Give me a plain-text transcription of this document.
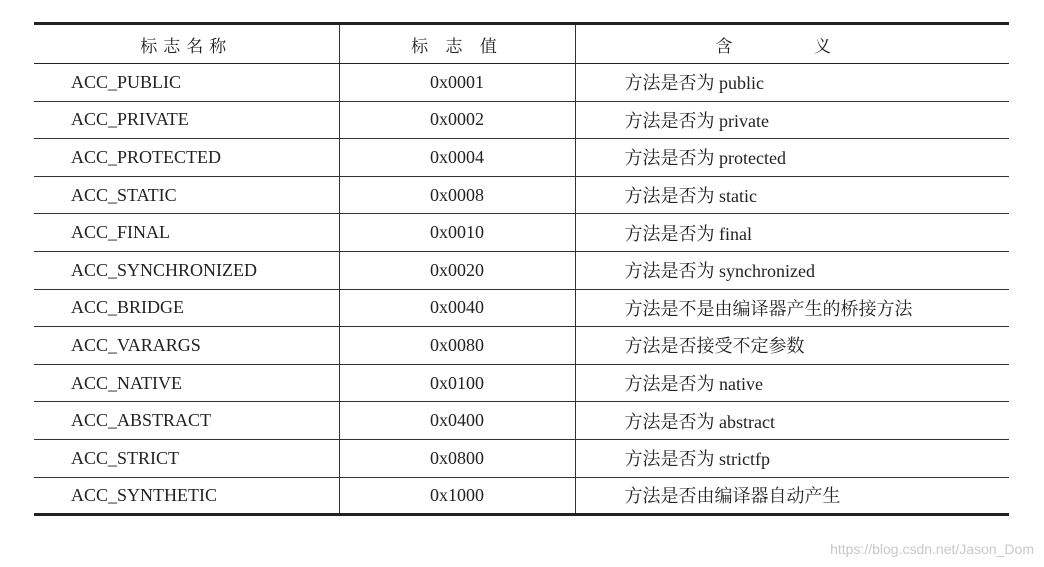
标志名称	标 志 值	含 义
ACC_PUBLIC	0x0001	方法是否为 public
ACC_PRIVATE	0x0002	方法是否为 private
ACC_PROTECTED	0x0004	方法是否为 protected
ACC_STATIC	0x0008	方法是否为 static
ACC_FINAL	0x0010	方法是否为 final
ACC_SYNCHRONIZED	0x0020	方法是否为 synchronized
ACC_BRIDGE	0x0040	方法是不是由编译器产生的桥接方法
ACC_VARARGS	0x0080	方法是否接受不定参数
ACC_NATIVE	0x0100	方法是否为 native
ACC_ABSTRACT	0x0400	方法是否为 abstract
ACC_STRICT	0x0800	方法是否为 strictfp
ACC_SYNTHETIC	0x1000	方法是否由编译器自动产生
https://blog.csdn.net/Jason_Dom
